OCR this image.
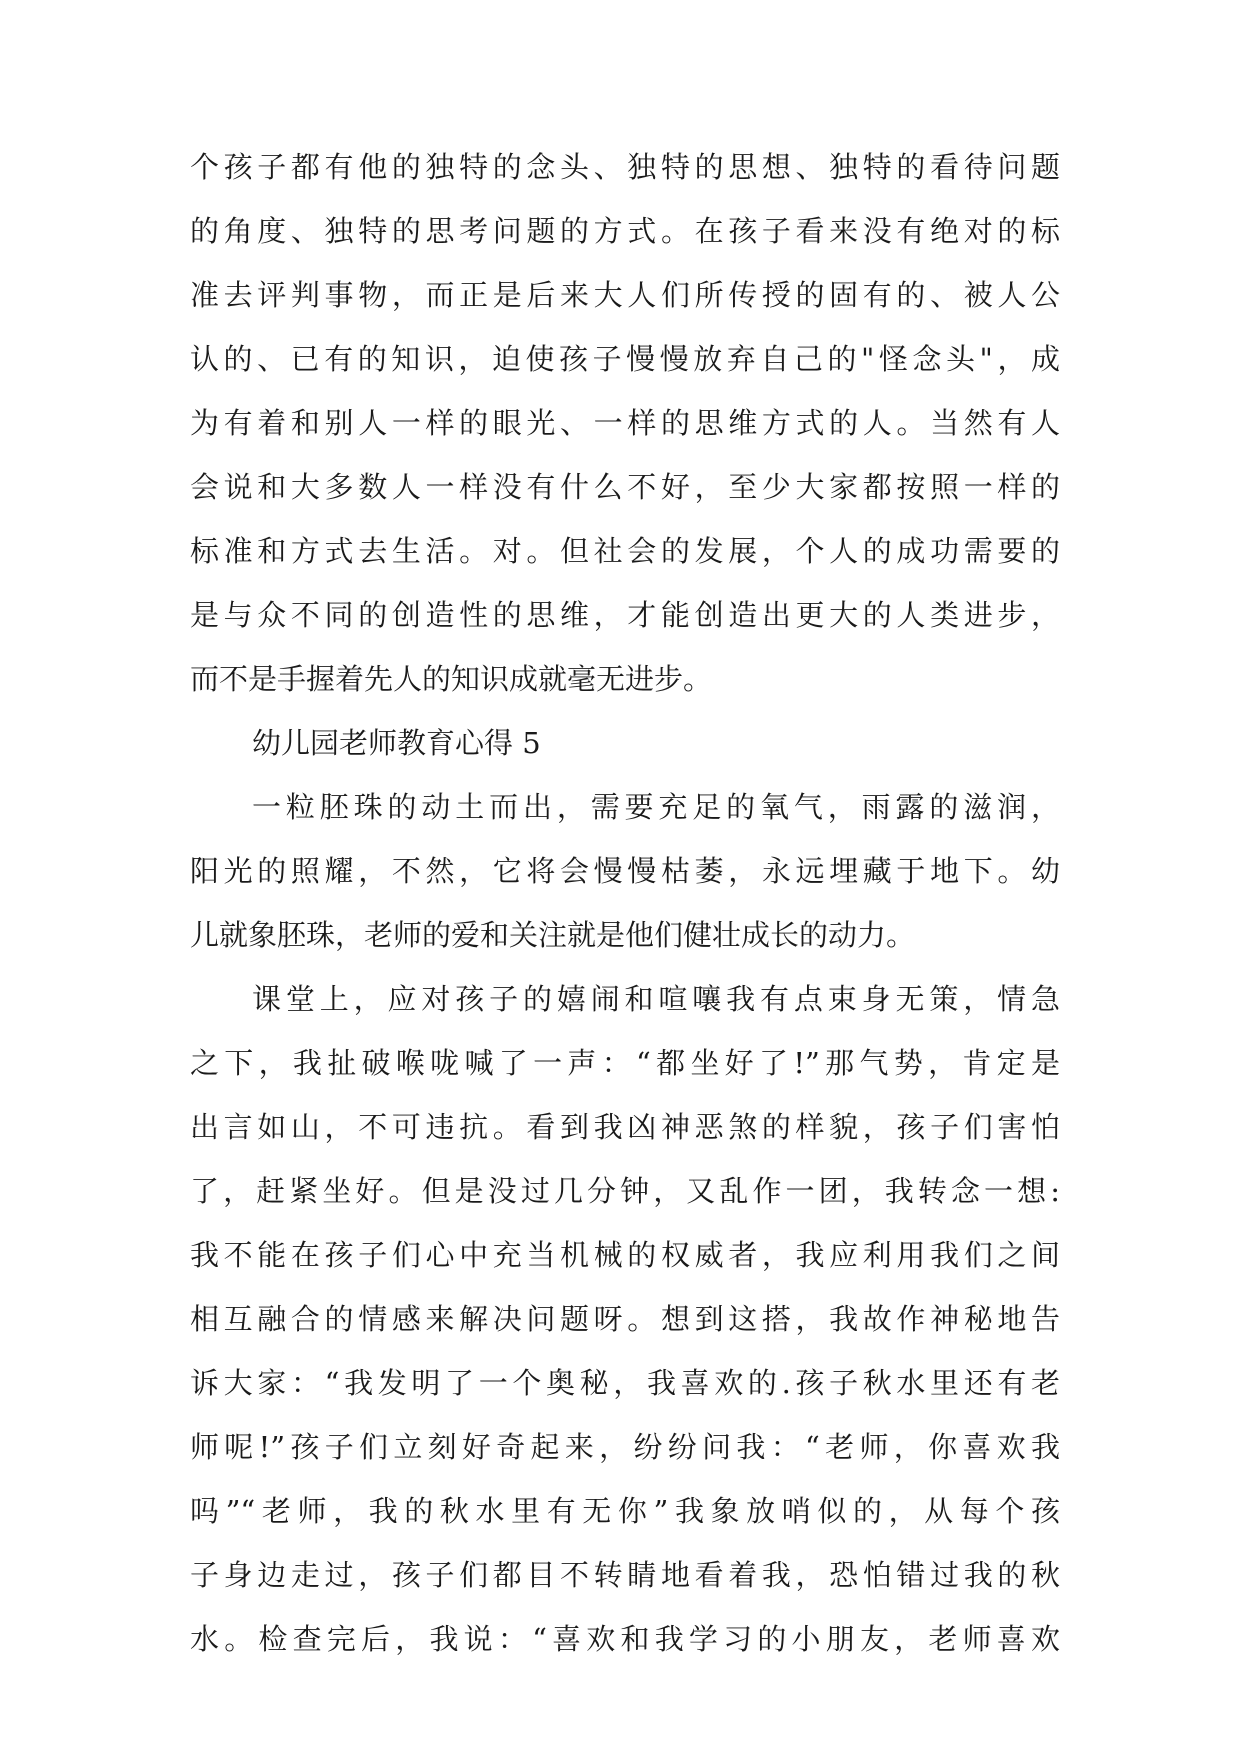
个孩子都有他的独特的念头、独特的思想、独特的看待问题
的角度、独特的思考问题的方式。在孩子看来没有绝对的标
准去评判事物，而正是后来大人们所传授的固有的、被人公
认的、已有的知识，迫使孩子慢慢放弃自己的"怪念头"，成
为有着和别人一样的眼光、一样的思维方式的人。当然有人
会说和大多数人一样没有什么不好，至少大家都按照一样的
标准和方式去生活。对。但社会的发展，个人的成功需要的
是与众不同的创造性的思维，才能创造出更大的人类进步，
而不是手握着先人的知识成就毫无进步。
幼儿园老师教育心得 5
一粒胚珠的动土而出，需要充足的氧气，雨露的滋润，
阳光的照耀，不然，它将会慢慢枯萎，永远埋藏于地下。幼
儿就象胚珠，老师的爱和关注就是他们健壮成长的动力。
课堂上，应对孩子的嬉闹和喧嚷我有点束身无策，情急
之下，我扯破喉咙喊了一声：“都坐好了!”那气势，肯定是
出言如山，不可违抗。看到我凶神恶煞的样貌，孩子们害怕
了，赶紧坐好。但是没过几分钟，又乱作一团，我转念一想:
我不能在孩子们心中充当机械的权威者，我应利用我们之间
相互融合的情感来解决问题呀。想到这搭，我故作神秘地告
诉大家：“我发明了一个奥秘，我喜欢的.孩子秋水里还有老
师呢!”孩子们立刻好奇起来，纷纷问我：“老师，你喜欢我
吗”“老师，我的秋水里有无你”我象放哨似的，从每个孩
子身边走过，孩子们都目不转睛地看着我，恐怕错过我的秋
水。检查完后，我说：“喜欢和我学习的小朋友，老师喜欢
